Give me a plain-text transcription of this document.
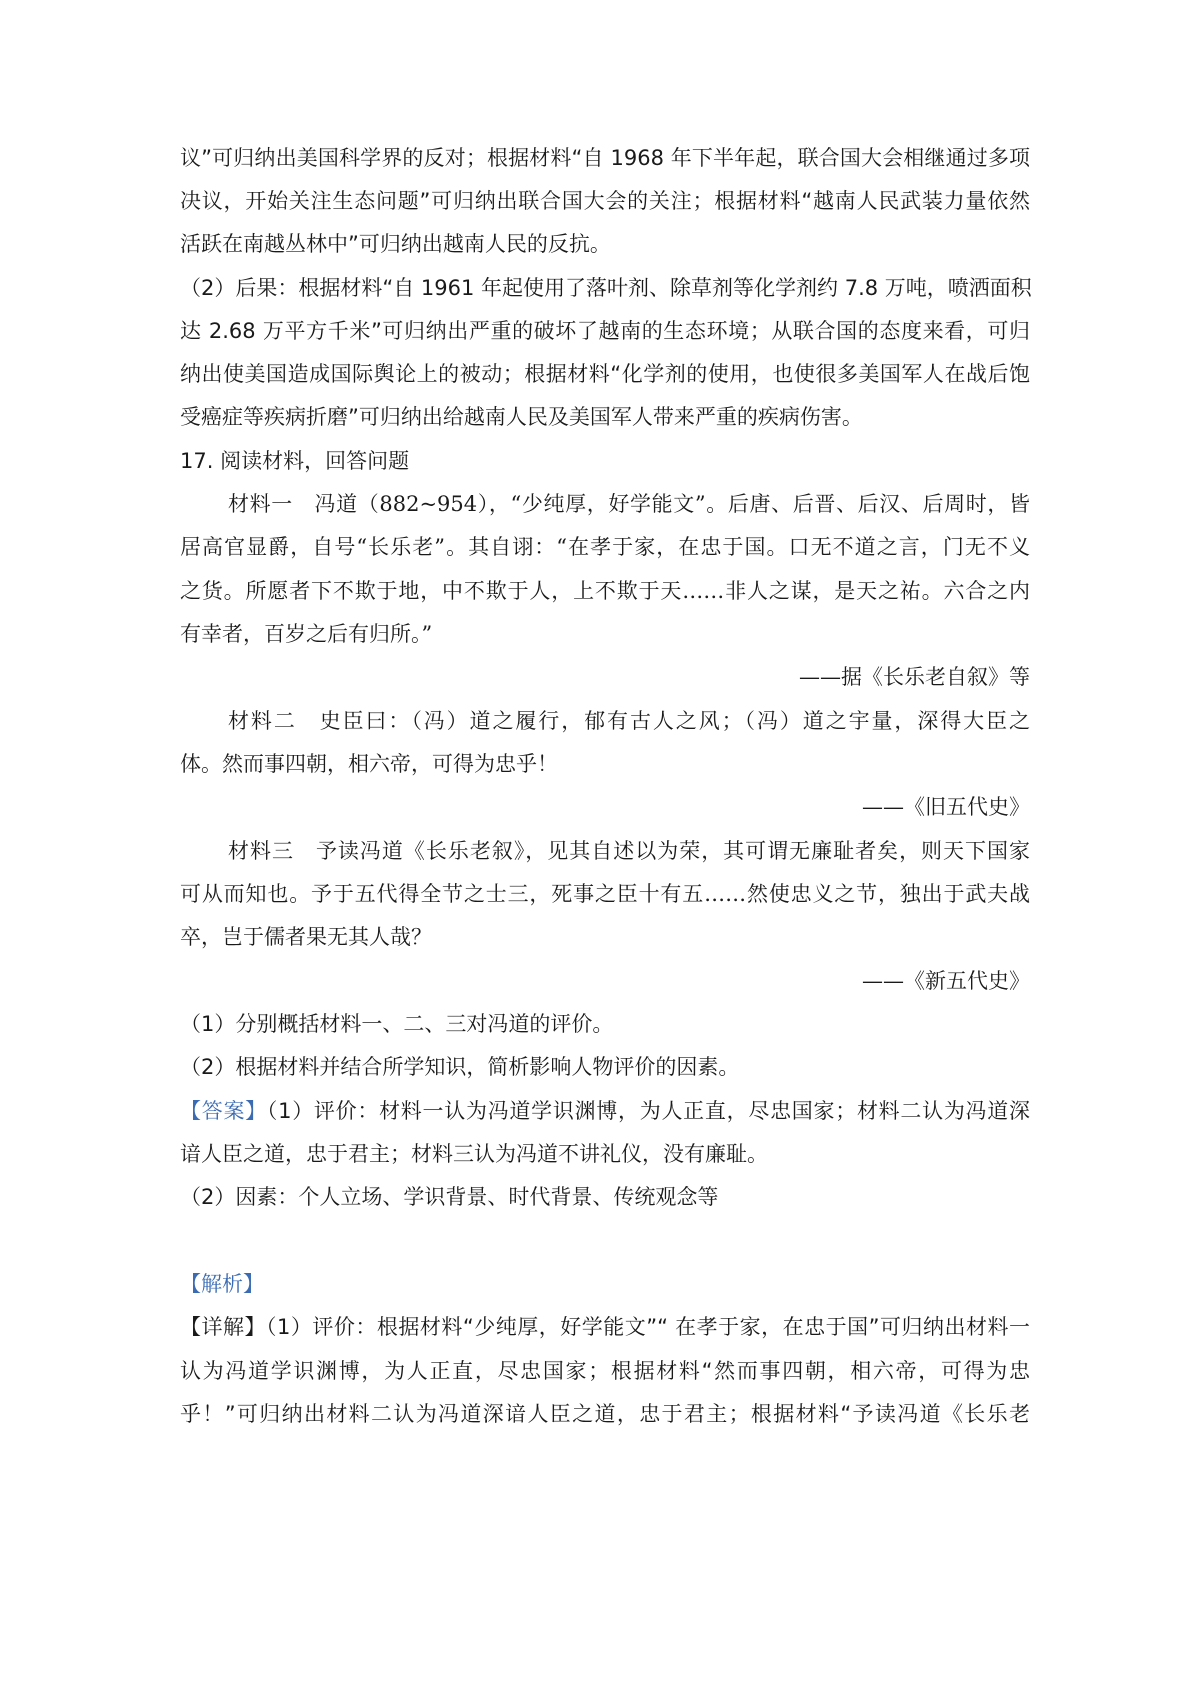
议”可归纳出美国科学界的反对；根据材料“自 1968 年下半年起，联合国大会相继通过多项
决议，开始关注生态问题”可归纳出联合国大会的关注；根据材料“越南人民武装力量依然
活跃在南越丛林中”可归纳出越南人民的反抗。
（2）后果：根据材料“自 1961 年起使用了落叶剂、除草剂等化学剂约 7.8 万吨，喷洒面积
达 2.68 万平方千米”可归纳出严重的破坏了越南的生态环境；从联合国的态度来看，可归
纳出使美国造成国际舆论上的被动；根据材料“化学剂的使用，也使很多美国军人在战后饱
受癌症等疾病折磨”可归纳出给越南人民及美国军人带来严重的疾病伤害。
17. 阅读材料，回答问题
材料一　冯道（882~954），“少纯厚，好学能文”。后唐、后晋、后汉、后周时，皆
居高官显爵，自号“长乐老”。其自诩：“在孝于家，在忠于国。口无不道之言，门无不义
之货。所愿者下不欺于地，中不欺于人，上不欺于天……非人之谋，是天之祐。六合之内
有幸者，百岁之后有归所。”
——据《长乐老自叙》等
材料二　史臣曰：（冯）道之履行，郁有古人之风；（冯）道之宇量，深得大臣之
体。然而事四朝，相六帝，可得为忠乎！
——《旧五代史》
材料三　予读冯道《长乐老叙》，见其自述以为荣，其可谓无廉耻者矣，则天下国家
可从而知也。予于五代得全节之士三，死事之臣十有五……然使忠义之节，独出于武夫战
卒，岂于儒者果无其人哉？
——《新五代史》
（1）分别概括材料一、二、三对冯道的评价。
（2）根据材料并结合所学知识，简析影响人物评价的因素。
【答案】（1）评价：材料一认为冯道学识渊博，为人正直，尽忠国家；材料二认为冯道深
谙人臣之道，忠于君主；材料三认为冯道不讲礼仪，没有廉耻。
（2）因素：个人立场、学识背景、时代背景、传统观念等
【解析】
【详解】（1）评价：根据材料“少纯厚，好学能文”“ 在孝于家，在忠于国”可归纳出材料一
认为冯道学识渊博，为人正直，尽忠国家；根据材料“然而事四朝，相六帝，可得为忠
乎！”可归纳出材料二认为冯道深谙人臣之道，忠于君主；根据材料“予读冯道《长乐老
